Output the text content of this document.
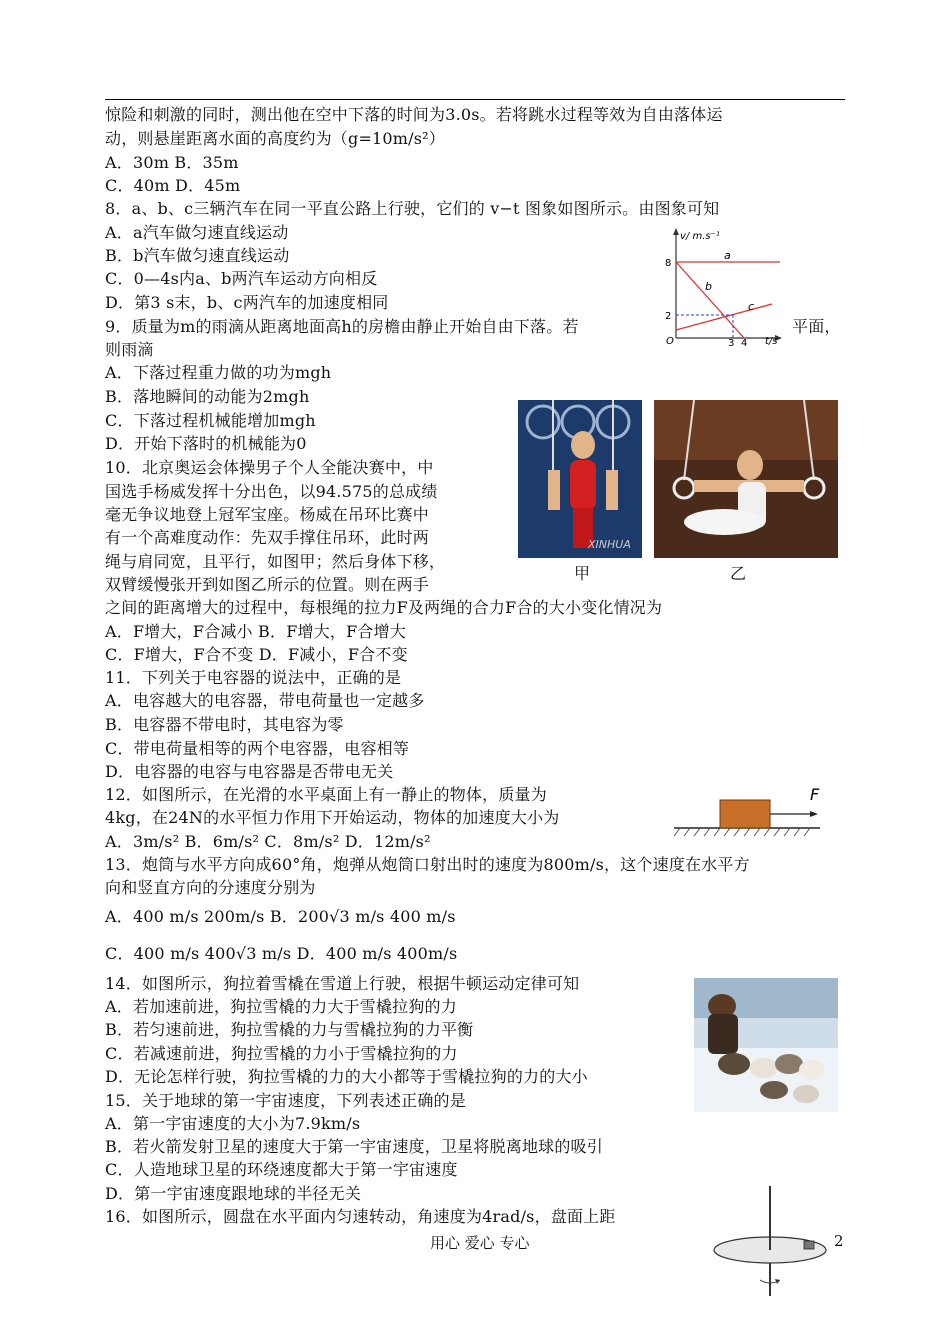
惊险和刺激的同时，测出他在空中下落的时间为3.0s。若将跳水过程等效为自由落体运
动，则悬崖距离水面的高度约为（g=10m/s²）
A．30m B．35m
C．40m D．45m
8．a、b、c三辆汽车在同一平直公路上行驶，它们的 v−t 图象如图所示。由图象可知
A．a汽车做匀速直线运动
B．b汽车做匀速直线运动
C．0—4s内a、b两汽车运动方向相反
D．第3 s末，b、c两汽车的加速度相同
9．质量为m的雨滴从距离地面高h的房檐由静止开始自由下落。若
则雨滴
A．下落过程重力做的功为mgh
B．落地瞬间的动能为2mgh
C．下落过程机械能增加mgh
D．开始下落时的机械能为0
10．北京奥运会体操男子个人全能决赛中，中
国选手杨威发挥十分出色，以94.575的总成绩
毫无争议地登上冠军宝座。杨威在吊环比赛中
有一个高难度动作：先双手撑住吊环，此时两
绳与肩同宽，且平行，如图甲；然后身体下移，
双臂缓慢张开到如图乙所示的位置。则在两手
之间的距离增大的过程中，每根绳的拉力F及两绳的合力F合的大小变化情况为
A．F增大，F合减小 B．F增大，F合增大
C．F增大，F合不变 D．F减小，F合不变
11．下列关于电容器的说法中，正确的是
A．电容越大的电容器，带电荷量也一定越多
B．电容器不带电时，其电容为零
C．带电荷量相等的两个电容器，电容相等
D．电容器的电容与电容器是否带电无关
12．如图所示，在光滑的水平桌面上有一静止的物体，质量为
4kg，在24N的水平恒力作用下开始运动，物体的加速度大小为
A．3m/s² B．6m/s² C．8m/s² D．12m/s²
13．炮筒与水平方向成60°角，炮弹从炮筒口射出时的速度为800m/s，这个速度在水平方
向和竖直方向的分速度分别为
A．400 m/s 200m/s B．200√3 m/s 400 m/s
C．400 m/s 400√3 m/s D．400 m/s 400m/s
14．如图所示，狗拉着雪橇在雪道上行驶，根据牛顿运动定律可知
A．若加速前进，狗拉雪橇的力大于雪橇拉狗的力
B．若匀速前进，狗拉雪橇的力与雪橇拉狗的力平衡
C．若减速前进，狗拉雪橇的力小于雪橇拉狗的力
D．无论怎样行驶，狗拉雪橇的力的大小都等于雪橇拉狗的力的大小
15．关于地球的第一宇宙速度，下列表述正确的是
A．第一宇宙速度的大小为7.9km/s
B．若火箭发射卫星的速度大于第一宇宙速度，卫星将脱离地球的吸引
C．人造地球卫星的环绕速度都大于第一宇宙速度
D．第一宇宙速度跟地球的半径无关
16．如图所示，圆盘在水平面内匀速转动，角速度为4rad/s，盘面上距
平面，
v/ m.s⁻¹
8
2
O	3 4 t/s
a
b
c
XINHUA
甲	乙
F
用心 爱心 专心	2
